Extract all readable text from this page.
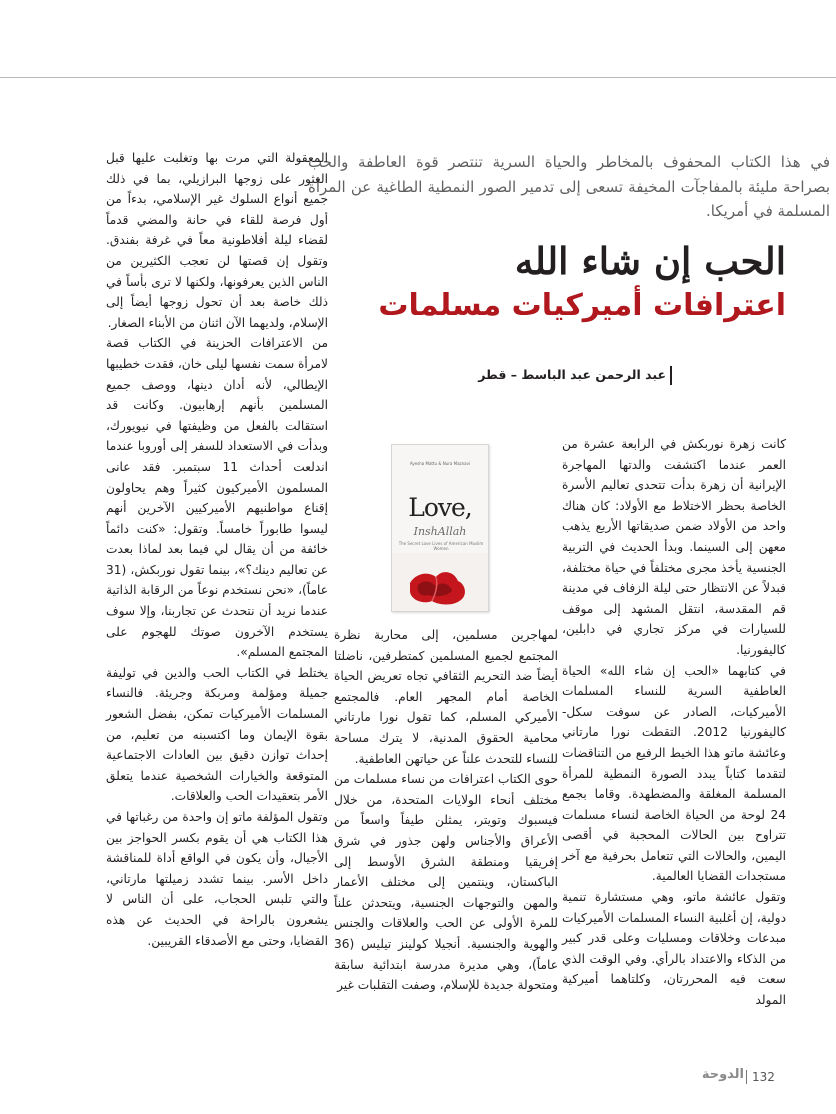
في هذا الكتاب المحفوف بالمخاطر والحياة السرية تنتصر قوة العاطفة والحب بصراحة مليئة بالمفاجآت المخيفة تسعى إلى تدمير الصور النمطية الطاغية عن المرأة المسلمة في أمريكا.
الحب إن شاء الله
اعترافات أميركيات مسلمات
عبد الرحمن عبد الباسط – قطر

كانت زهرة نوربكش في الرابعة عشرة من العمر عندما اكتشفت والدتها المهاجرة الإيرانية أن زهرة بدأت تتحدى تعاليم الأسرة الخاصة بحظر الاختلاط مع الأولاد: كان هناك واحد من الأولاد ضمن صديقاتها الأربع يذهب معهن إلى السينما. وبدأ الحديث في التربية الجنسية يأخذ مجرى مختلفاً في حياة مختلفة، فبدلاً عن الانتظار حتى ليلة الزفاف في مدينة قم المقدسة، انتقل المشهد إلى موقف للسيارات في مركز تجاري في دابلين، كاليفورنيا.

في كتابهما «الحب إن شاء الله» الحياة العاطفية السرية للنساء المسلمات الأميركيات، الصادر عن سوفت سكل- كاليفورنيا 2012. التقطت نورا مارتاني وعائشة ماتو هذا الخيط الرفيع من التناقضات لتقدما كتاباً يبدد الصورة النمطية للمرأة المسلمة المغلقة والمضطهدة. وقاما بجمع 24 لوحة من الحياة الخاصة لنساء مسلمات تتراوح بين الحالات المحجبة في أقصى اليمين، والحالات التي تتعامل بحرفية مع آخر مستجدات القضايا العالمية.

وتقول عائشة ماتو، وهي مستشارة تنمية دولية، إن أغلبية النساء المسلمات الأميركيات مبدعات وخلاقات ومسليات وعلى قدر كبير من الذكاء والاعتداد بالرأي. وفي الوقت الذي سعت فيه المحررتان، وكلتاهما أميركية المولد

Ayesha Mattu & Nura Maznavi
Love,
InshAllah
The Secret Love Lives of American Muslim Women

لمهاجرين مسلمين، إلى محاربة نظرة المجتمع لجميع المسلمين كمتطرفين، ناضلتا أيضاً ضد التحريم الثقافي تجاه تعريض الحياة الخاصة أمام المجهر العام. فالمجتمع الأميركي المسلم، كما تقول نورا مارتاني محامية الحقوق المدنية، لا يترك مساحة للنساء للتحدث علناً عن حياتهن العاطفية.

حوى الكتاب اعترافات من نساء مسلمات من مختلف أنحاء الولايات المتحدة، من خلال فيسبوك وتويتر، يمثلن طيفاً واسعاً من الأعراق والأجناس ولهن جذور في شرق إفريقيا ومنطقة الشرق الأوسط إلى الباكستان، وينتمين إلى مختلف الأعمار والمهن والتوجهات الجنسية، ويتحدثن علناً للمرة الأولى عن الحب والعلاقات والجنس والهوية والجنسية. أنجيلا كولينز تيليس (36 عاماً)، وهي مديرة مدرسة ابتدائية سابقة ومتحولة جديدة للإسلام، وصفت التقلبات غير

المعقولة التي مرت بها وتغلبت عليها قبل العثور على زوجها البرازيلي، بما في ذلك جميع أنواع السلوك غير الإسلامي، بدءاً من أول فرصة للقاء في حانة والمضي قدماً لقضاء ليلة أفلاطونية معاً في غرفة بفندق. وتقول إن قصتها لن تعجب الكثيرين من الناس الذين يعرفونها، ولكنها لا ترى بأساً في ذلك خاصة بعد أن تحول زوجها أيضاً إلى الإسلام، ولديهما الآن اثنان من الأبناء الصغار.

من الاعترافات الحزينة في الكتاب قصة لامرأة سمت نفسها ليلى خان، فقدت خطيبها الإيطالي، لأنه أدان دينها، ووصف جميع المسلمين بأنهم إرهابيون. وكانت قد استقالت بالفعل من وظيفتها في نيويورك، وبدأت في الاستعداد للسفر إلى أوروبا عندما اندلعت أحداث 11 سبتمبر. فقد عانى المسلمون الأميركيون كثيراً وهم يحاولون إقناع مواطنيهم الأميركيين الآخرين أنهم ليسوا طابوراً خامساً. وتقول: «كنت دائماً خائفة من أن يقال لي فيما بعد لماذا بعدت عن تعاليم دينك؟»، بينما تقول نوربكش، (31 عاماً)، «نحن نستخدم نوعاً من الرقابة الذاتية عندما نريد أن نتحدث عن تجاربنا، وإلا سوف يستخدم الآخرون صوتك للهجوم على المجتمع المسلم».

يختلط في الكتاب الحب والدين في توليفة جميلة ومؤلمة ومربكة وجريئة. فالنساء المسلمات الأميركيات تمكن، بفضل الشعور بقوة الإيمان وما اكتسبنه من تعليم، من إحداث توازن دقيق بين العادات الاجتماعية المتوقعة والخيارات الشخصية عندما يتعلق الأمر بتعقيدات الحب والعلاقات.

وتقول المؤلفة ماتو إن واحدة من رغباتها في هذا الكتاب هي أن يقوم بكسر الحواجز بين الأجيال، وأن يكون في الواقع أداة للمناقشة داخل الأسر. بينما تشدد زميلتها مارتاني، والتي تلبس الحجاب، على أن الناس لا يشعرون بالراحة في الحديث عن هذه القضايا، وحتى مع الأصدقاء القريبين.

الدوحة 132
